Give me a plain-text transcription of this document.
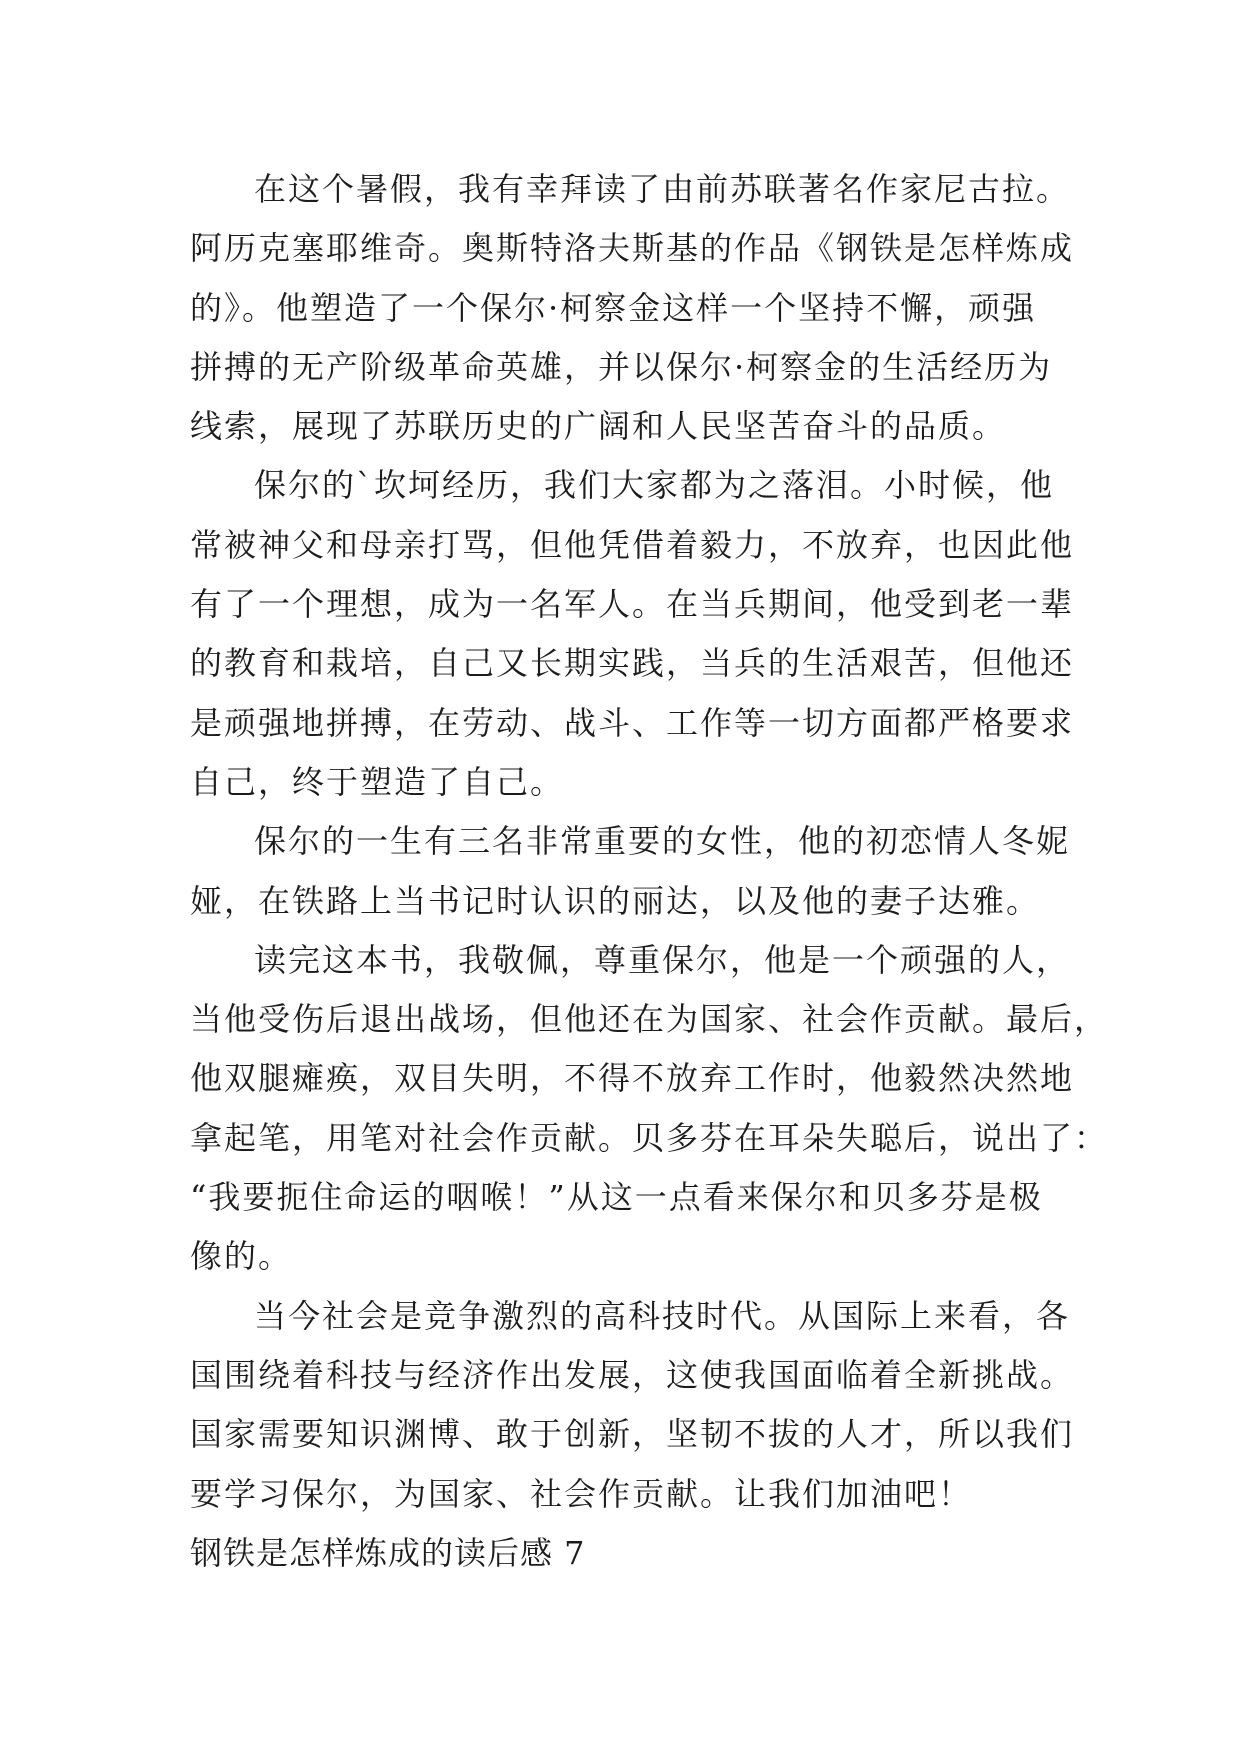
在这个暑假，我有幸拜读了由前苏联著名作家尼古拉。
阿历克塞耶维奇。奥斯特洛夫斯基的作品《钢铁是怎样炼成
的》。他塑造了一个保尔·柯察金这样一个坚持不懈，顽强
拼搏的无产阶级革命英雄，并以保尔·柯察金的生活经历为
线索，展现了苏联历史的广阔和人民坚苦奋斗的品质。
保尔的`坎坷经历，我们大家都为之落泪。小时候，他
常被神父和母亲打骂，但他凭借着毅力，不放弃，也因此他
有了一个理想，成为一名军人。在当兵期间，他受到老一辈
的教育和栽培，自己又长期实践，当兵的生活艰苦，但他还
是顽强地拼搏，在劳动、战斗、工作等一切方面都严格要求
自己，终于塑造了自己。
保尔的一生有三名非常重要的女性，他的初恋情人冬妮
娅，在铁路上当书记时认识的丽达，以及他的妻子达雅。
读完这本书，我敬佩，尊重保尔，他是一个顽强的人，
当他受伤后退出战场，但他还在为国家、社会作贡献。最后，
他双腿瘫痪，双目失明，不得不放弃工作时，他毅然决然地
拿起笔，用笔对社会作贡献。贝多芬在耳朵失聪后，说出了：
“我要扼住命运的咽喉！”从这一点看来保尔和贝多芬是极
像的。
当今社会是竞争激烈的高科技时代。从国际上来看，各
国围绕着科技与经济作出发展，这使我国面临着全新挑战。
国家需要知识渊博、敢于创新，坚韧不拔的人才，所以我们
要学习保尔，为国家、社会作贡献。让我们加油吧！
钢铁是怎样炼成的读后感 7
